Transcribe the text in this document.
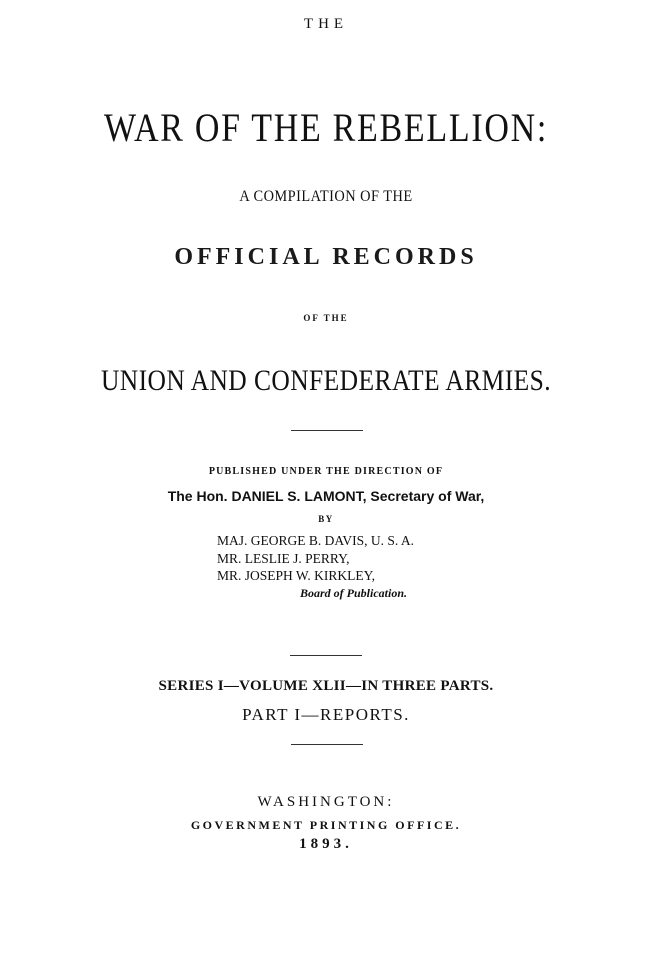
THE
WAR OF THE REBELLION:
A COMPILATION OF THE
OFFICIAL RECORDS
OF THE
UNION AND CONFEDERATE ARMIES.
PUBLISHED UNDER THE DIRECTION OF
The Hon. DANIEL S. LAMONT, Secretary of War,
BY
MAJ. GEORGE B. DAVIS, U. S. A.
MR. LESLIE J. PERRY,
MR. JOSEPH W. KIRKLEY,
Board of Publication.
SERIES I—VOLUME XLII—IN THREE PARTS.
PART I—REPORTS.
WASHINGTON:
GOVERNMENT PRINTING OFFICE.
1893.
